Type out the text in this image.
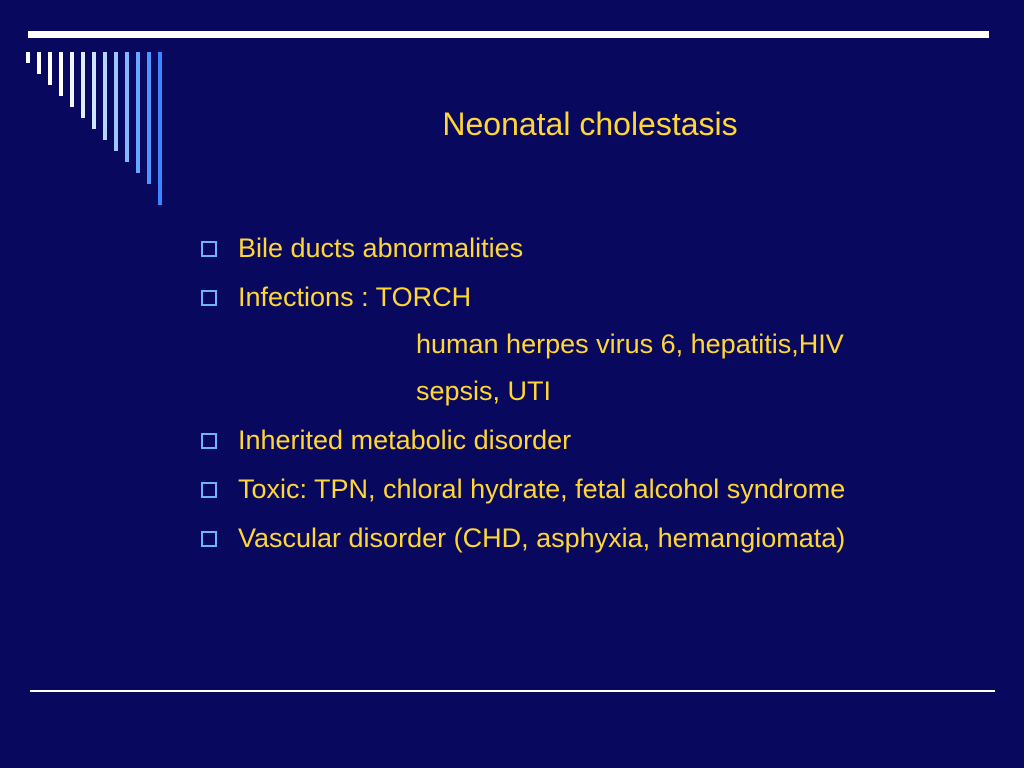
Neonatal cholestasis
Bile ducts abnormalities
Infections : TORCH
human herpes virus 6, hepatitis,HIV
sepsis, UTI
Inherited metabolic disorder
Toxic: TPN, chloral hydrate, fetal alcohol syndrome
Vascular disorder (CHD, asphyxia, hemangiomata)
